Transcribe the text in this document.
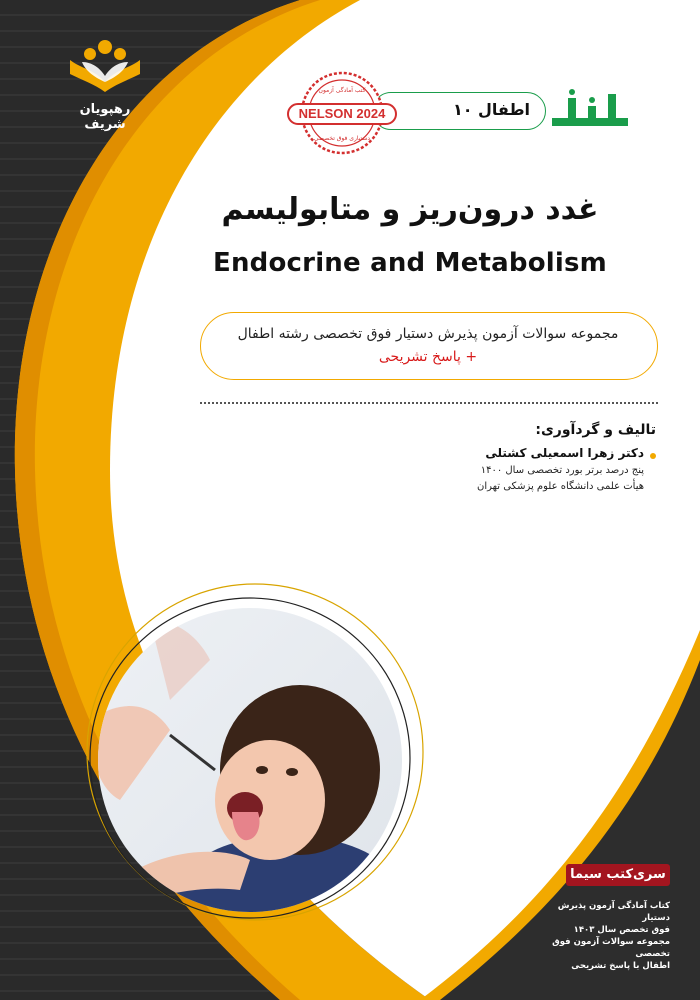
رهپویان شریف
اطفال ۱۰
NELSON 2024
کتب آمادگی آزمون
دستیاری فوق تخصصی
غدد درون‌ریز و متابولیسم
Endocrine and Metabolism
مجموعه سوالات آزمون پذیرش دستیار فوق تخصصی رشته اطفال
+ پاسخ تشریحی
تالیف و گردآوری:
دکتر زهرا اسمعیلی کشتلی
پنج درصد برتر بورد تخصصی سال ۱۴۰۰
هیأت علمی دانشگاه علوم پزشکی تهران
سری‌کتب سیما
کتاب آمادگی آزمون پذیرش دستیار
فوق تخصص سال ۱۴۰۳
مجموعه سوالات آزمون فوق تخصصی
اطفال با پاسخ تشریحی
